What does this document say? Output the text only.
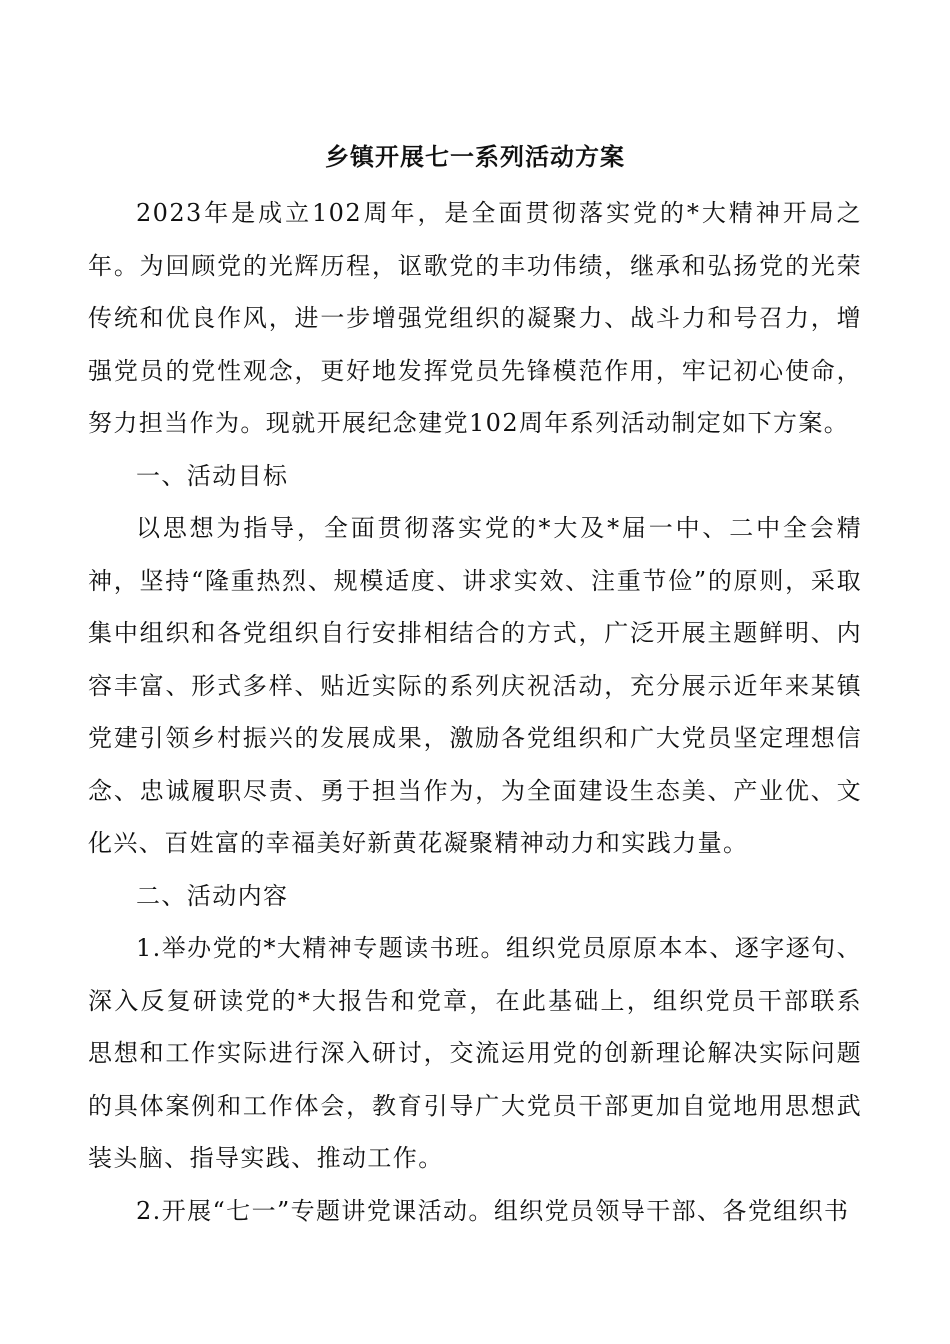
乡镇开展七一系列活动方案

2023年是成立102周年，是全面贯彻落实党的*大精神开局之年。为回顾党的光辉历程，讴歌党的丰功伟绩，继承和弘扬党的光荣传统和优良作风，进一步增强党组织的凝聚力、战斗力和号召力，增强党员的党性观念，更好地发挥党员先锋模范作用，牢记初心使命，努力担当作为。现就开展纪念建党102周年系列活动制定如下方案。

一、活动目标

以思想为指导，全面贯彻落实党的*大及*届一中、二中全会精神，坚持“隆重热烈、规模适度、讲求实效、注重节俭”的原则，采取集中组织和各党组织自行安排相结合的方式，广泛开展主题鲜明、内容丰富、形式多样、贴近实际的系列庆祝活动，充分展示近年来某镇党建引领乡村振兴的发展成果，激励各党组织和广大党员坚定理想信念、忠诚履职尽责、勇于担当作为，为全面建设生态美、产业优、文化兴、百姓富的幸福美好新黄花凝聚精神动力和实践力量。

二、活动内容

1.举办党的*大精神专题读书班。组织党员原原本本、逐字逐句、深入反复研读党的*大报告和党章，在此基础上，组织党员干部联系思想和工作实际进行深入研讨，交流运用党的创新理论解决实际问题的具体案例和工作体会，教育引导广大党员干部更加自觉地用思想武装头脑、指导实践、推动工作。

2.开展“七一”专题讲党课活动。组织党员领导干部、各党组织书
